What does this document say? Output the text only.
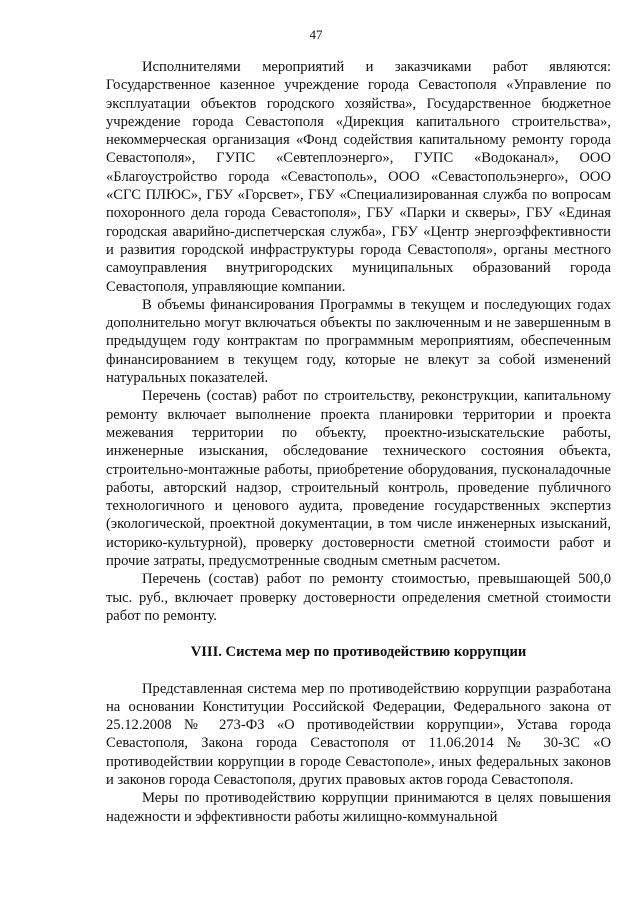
47

Исполнителями мероприятий и заказчиками работ являются: Государственное казенное учреждение города Севастополя «Управление по эксплуатации объектов городского хозяйства», Государственное бюджетное учреждение города Севастополя «Дирекция капитального строительства», некоммерческая организация «Фонд содействия капитальному ремонту города Севастополя», ГУПС «Севтеплоэнерго», ГУПС «Водоканал», ООО «Благоустройство города «Севастополь», ООО «Севастопольэнерго», ООО «СГС ПЛЮС», ГБУ «Горсвет», ГБУ «Специализированная служба по вопросам похоронного дела города Севастополя», ГБУ «Парки и скверы», ГБУ «Единая городская аварийно-диспетчерская служба», ГБУ «Центр энергоэффективности и развития городской инфраструктуры города Севастополя», органы местного самоуправления внутригородских муниципальных образований города Севастополя, управляющие компании.

В объемы финансирования Программы в текущем и последующих годах дополнительно могут включаться объекты по заключенным и не завершенным в предыдущем году контрактам по программным мероприятиям, обеспеченным финансированием в текущем году, которые не влекут за собой изменений натуральных показателей.

Перечень (состав) работ по строительству, реконструкции, капитальному ремонту включает выполнение проекта планировки территории и проекта межевания территории по объекту, проектно-изыскательские работы, инженерные изыскания, обследование технического состояния объекта, строительно-монтажные работы, приобретение оборудования, пусконаладочные работы, авторский надзор, строительный контроль, проведение публичного технологичного и ценового аудита, проведение государственных экспертиз (экологической, проектной документации, в том числе инженерных изысканий, историко-культурной), проверку достоверности сметной стоимости работ и прочие затраты, предусмотренные сводным сметным расчетом.

Перечень (состав) работ по ремонту стоимостью, превышающей 500,0 тыс. руб., включает проверку достоверности определения сметной стоимости работ по ремонту.

VIII. Система мер по противодействию коррупции

Представленная система мер по противодействию коррупции разработана на основании Конституции Российской Федерации, Федерального закона от 25.12.2008 № 273-ФЗ «О противодействии коррупции», Устава города Севастополя, Закона города Севастополя от 11.06.2014 № 30-ЗС «О противодействии коррупции в городе Севастополе», иных федеральных законов и законов города Севастополя, других правовых актов города Севастополя.

Меры по противодействию коррупции принимаются в целях повышения надежности и эффективности работы жилищно-коммунальной
